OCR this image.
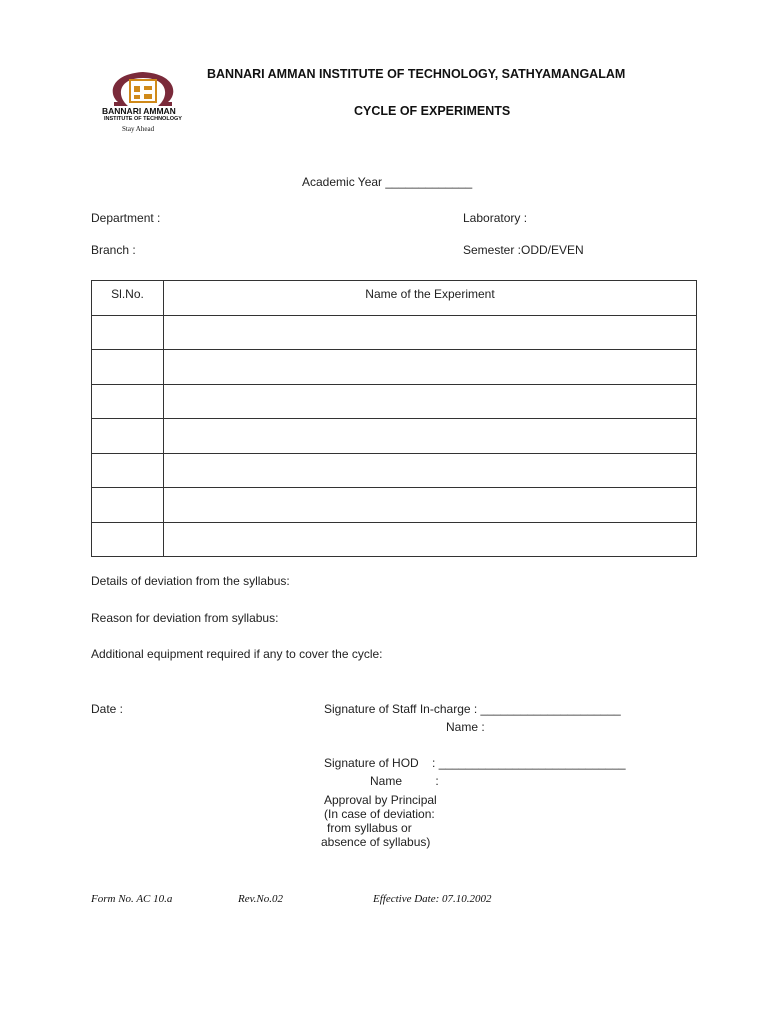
BANNARI AMMAN
INSTITUTE OF TECHNOLOGY
Stay Ahead
BANNARI AMMAN INSTITUTE OF TECHNOLOGY, SATHYAMANGALAM
CYCLE OF EXPERIMENTS
Academic Year _____________
Department :	Laboratory :
Branch :	Semester :ODD/EVEN
Sl.No.	Name of the Experiment

Details of deviation from the syllabus:
Reason for deviation from syllabus:
Additional equipment required if any to cover the cycle:
Date :	Signature of Staff In-charge : _____________________
Name :
Signature of HOD    : ____________________________
Name          :
Approval by Principal
(In case of deviation:
from syllabus or
absence of syllabus)
Form No. AC 10.a	Rev.No.02	Effective Date: 07.10.2002
